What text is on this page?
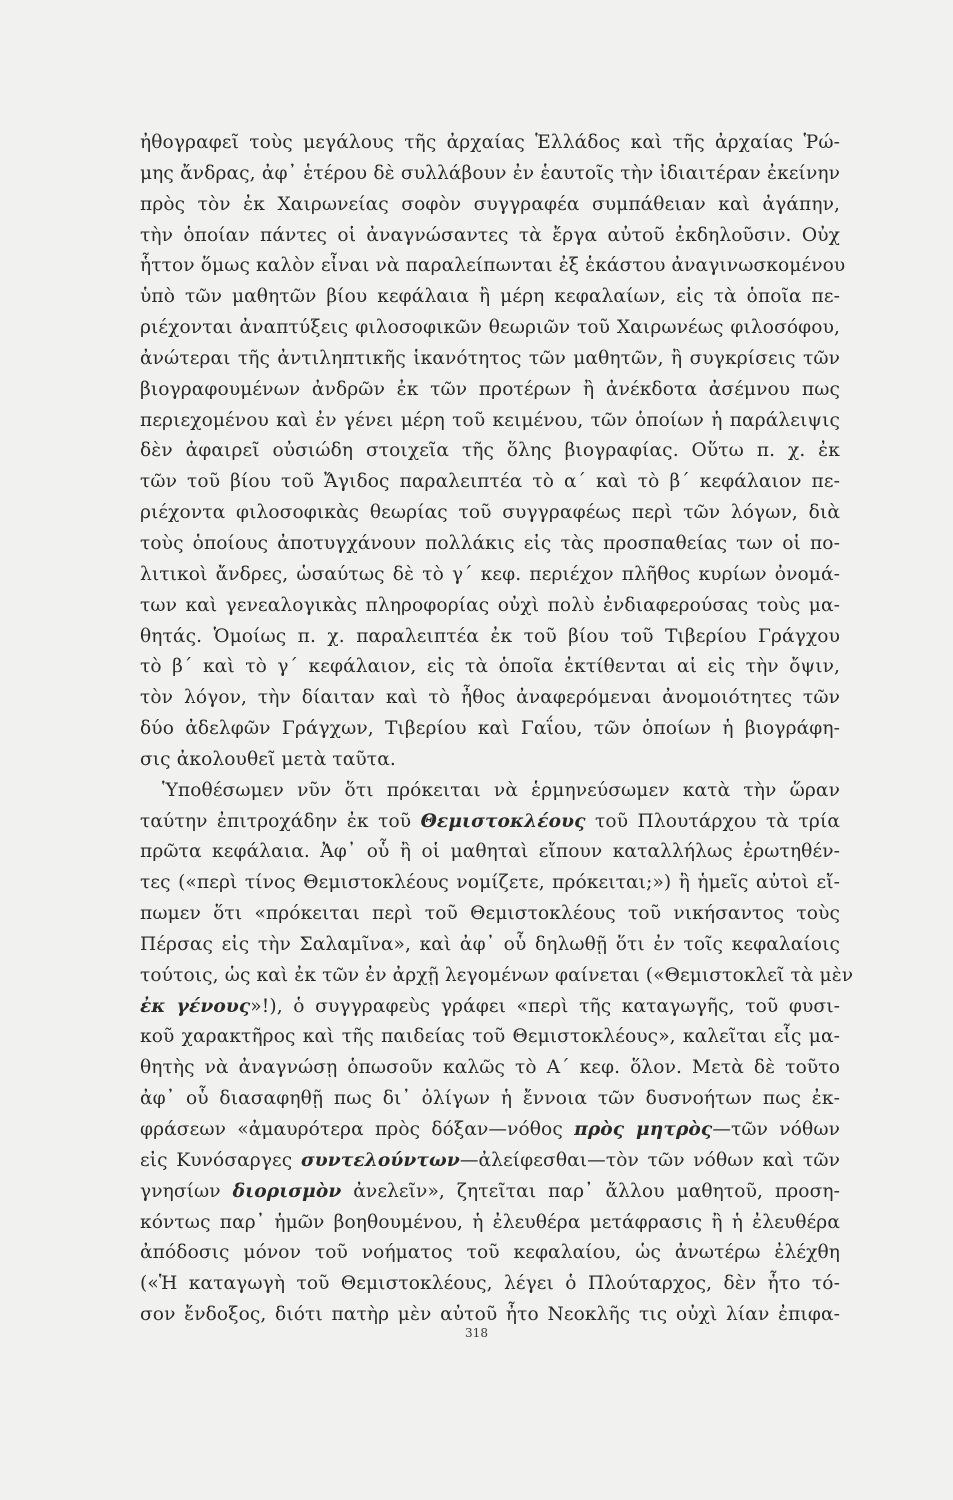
ἠθογραφεῖ τοὺς μεγάλους τῆς ἀρχαίας Ἑλλάδος καὶ τῆς ἀρχαίας Ῥώ-
μης ἄνδρας, ἀφ᾽ ἑτέρου δὲ συλλάβουν ἐν ἑαυτοῖς τὴν ἰδιαιτέραν ἐκείνην
πρὸς τὸν ἐκ Χαιρωνείας σοφὸν συγγραφέα συμπάθειαν καὶ ἀγάπην,
τὴν ὁποίαν πάντες οἱ ἀναγνώσαντες τὰ ἔργα αὐτοῦ ἐκδηλοῦσιν. Οὐχ
ἧττον ὅμως καλὸν εἶναι νὰ παραλείπωνται ἐξ ἑκάστου ἀναγινωσκομένου
ὑπὸ τῶν μαθητῶν βίου κεφάλαια ἢ μέρη κεφαλαίων, εἰς τὰ ὁποῖα πε-
ριέχονται ἀναπτύξεις φιλοσοφικῶν θεωριῶν τοῦ Χαιρωνέως φιλοσόφου,
ἀνώτεραι τῆς ἀντιληπτικῆς ἱκανότητος τῶν μαθητῶν, ἢ συγκρίσεις τῶν
βιογραφουμένων ἀνδρῶν ἐκ τῶν προτέρων ἢ ἀνέκδοτα ἀσέμνου πως
περιεχομένου καὶ ἐν γένει μέρη τοῦ κειμένου, τῶν ὁποίων ἡ παράλειψις
δὲν ἀφαιρεῖ οὐσιώδη στοιχεῖα τῆς ὅλης βιογραφίας. Οὕτω π. χ. ἐκ
τῶν τοῦ βίου τοῦ Ἄγιδος παραλειπτέα τὸ α΄ καὶ τὸ β΄ κεφάλαιον πε-
ριέχοντα φιλοσοφικὰς θεωρίας τοῦ συγγραφέως περὶ τῶν λόγων, διὰ
τοὺς ὁποίους ἀποτυγχάνουν πολλάκις εἰς τὰς προσπαθείας των οἱ πο-
λιτικοὶ ἄνδρες, ὡσαύτως δὲ τὸ γ΄ κεφ. περιέχον πλῆθος κυρίων ὀνομά-
των καὶ γενεαλογικὰς πληροφορίας οὐχὶ πολὺ ἐνδιαφερούσας τοὺς μα-
θητάς. Ὁμοίως π. χ. παραλειπτέα ἐκ τοῦ βίου τοῦ Τιβερίου Γράγχου
τὸ β΄ καὶ τὸ γ΄ κεφάλαιον, εἰς τὰ ὁποῖα ἐκτίθενται αἱ εἰς τὴν ὄψιν,
τὸν λόγον, τὴν δίαιταν καὶ τὸ ἦθος ἀναφερόμεναι ἀνομοιότητες τῶν
δύο ἀδελφῶν Γράγχων, Τιβερίου καὶ Γαΐου, τῶν ὁποίων ἡ βιογράφη-
σις ἀκολουθεῖ μετὰ ταῦτα.
Ὑποθέσωμεν νῦν ὅτι πρόκειται νὰ ἑρμηνεύσωμεν κατὰ τὴν ὥραν
ταύτην ἐπιτροχάδην ἐκ τοῦ Θεμιστοκλέους τοῦ Πλουτάρχου τὰ τρία
πρῶτα κεφάλαια. Ἀφ᾽ οὗ ἢ οἱ μαθηταὶ εἴπουν καταλλήλως ἐρωτηθέν-
τες («περὶ τίνος Θεμιστοκλέους νομίζετε, πρόκειται;») ἢ ἡμεῖς αὐτοὶ εἴ-
πωμεν ὅτι «πρόκειται περὶ τοῦ Θεμιστοκλέους τοῦ νικήσαντος τοὺς
Πέρσας εἰς τὴν Σαλαμῖνα», καὶ ἀφ᾽ οὗ δηλωθῇ ὅτι ἐν τοῖς κεφαλαίοις
τούτοις, ὡς καὶ ἐκ τῶν ἐν ἀρχῇ λεγομένων φαίνεται («Θεμιστοκλεῖ τὰ μὲν
ἐκ γένους»!), ὁ συγγραφεὺς γράφει «περὶ τῆς καταγωγῆς, τοῦ φυσι-
κοῦ χαρακτῆρος καὶ τῆς παιδείας τοῦ Θεμιστοκλέους», καλεῖται εἷς μα-
θητὴς νὰ ἀναγνώσῃ ὁπωσοῦν καλῶς τὸ Α΄ κεφ. ὅλον. Μετὰ δὲ τοῦτο
ἀφ᾽ οὗ διασαφηθῇ πως δι᾽ ὀλίγων ἡ ἔννοια τῶν δυσνοήτων πως ἐκ-
φράσεων «ἀμαυρότερα πρὸς δόξαν—νόθος πρὸς μητρὸς—τῶν νόθων
εἰς Κυνόσαργες συντελούντων—ἀλείφεσθαι—τὸν τῶν νόθων καὶ τῶν
γνησίων διορισμὸν ἀνελεῖν», ζητεῖται παρ᾽ ἄλλου μαθητοῦ, προση-
κόντως παρ᾽ ἡμῶν βοηθουμένου, ἡ ἐλευθέρα μετάφρασις ἢ ἡ ἐλευθέρα
ἀπόδοσις μόνον τοῦ νοήματος τοῦ κεφαλαίου, ὡς ἀνωτέρω ἐλέχθη
(«Ἡ καταγωγὴ τοῦ Θεμιστοκλέους, λέγει ὁ Πλούταρχος, δὲν ἦτο τό-
σον ἔνδοξος, διότι πατὴρ μὲν αὐτοῦ ἦτο Νεοκλῆς τις οὐχὶ λίαν ἐπιφα-
318
